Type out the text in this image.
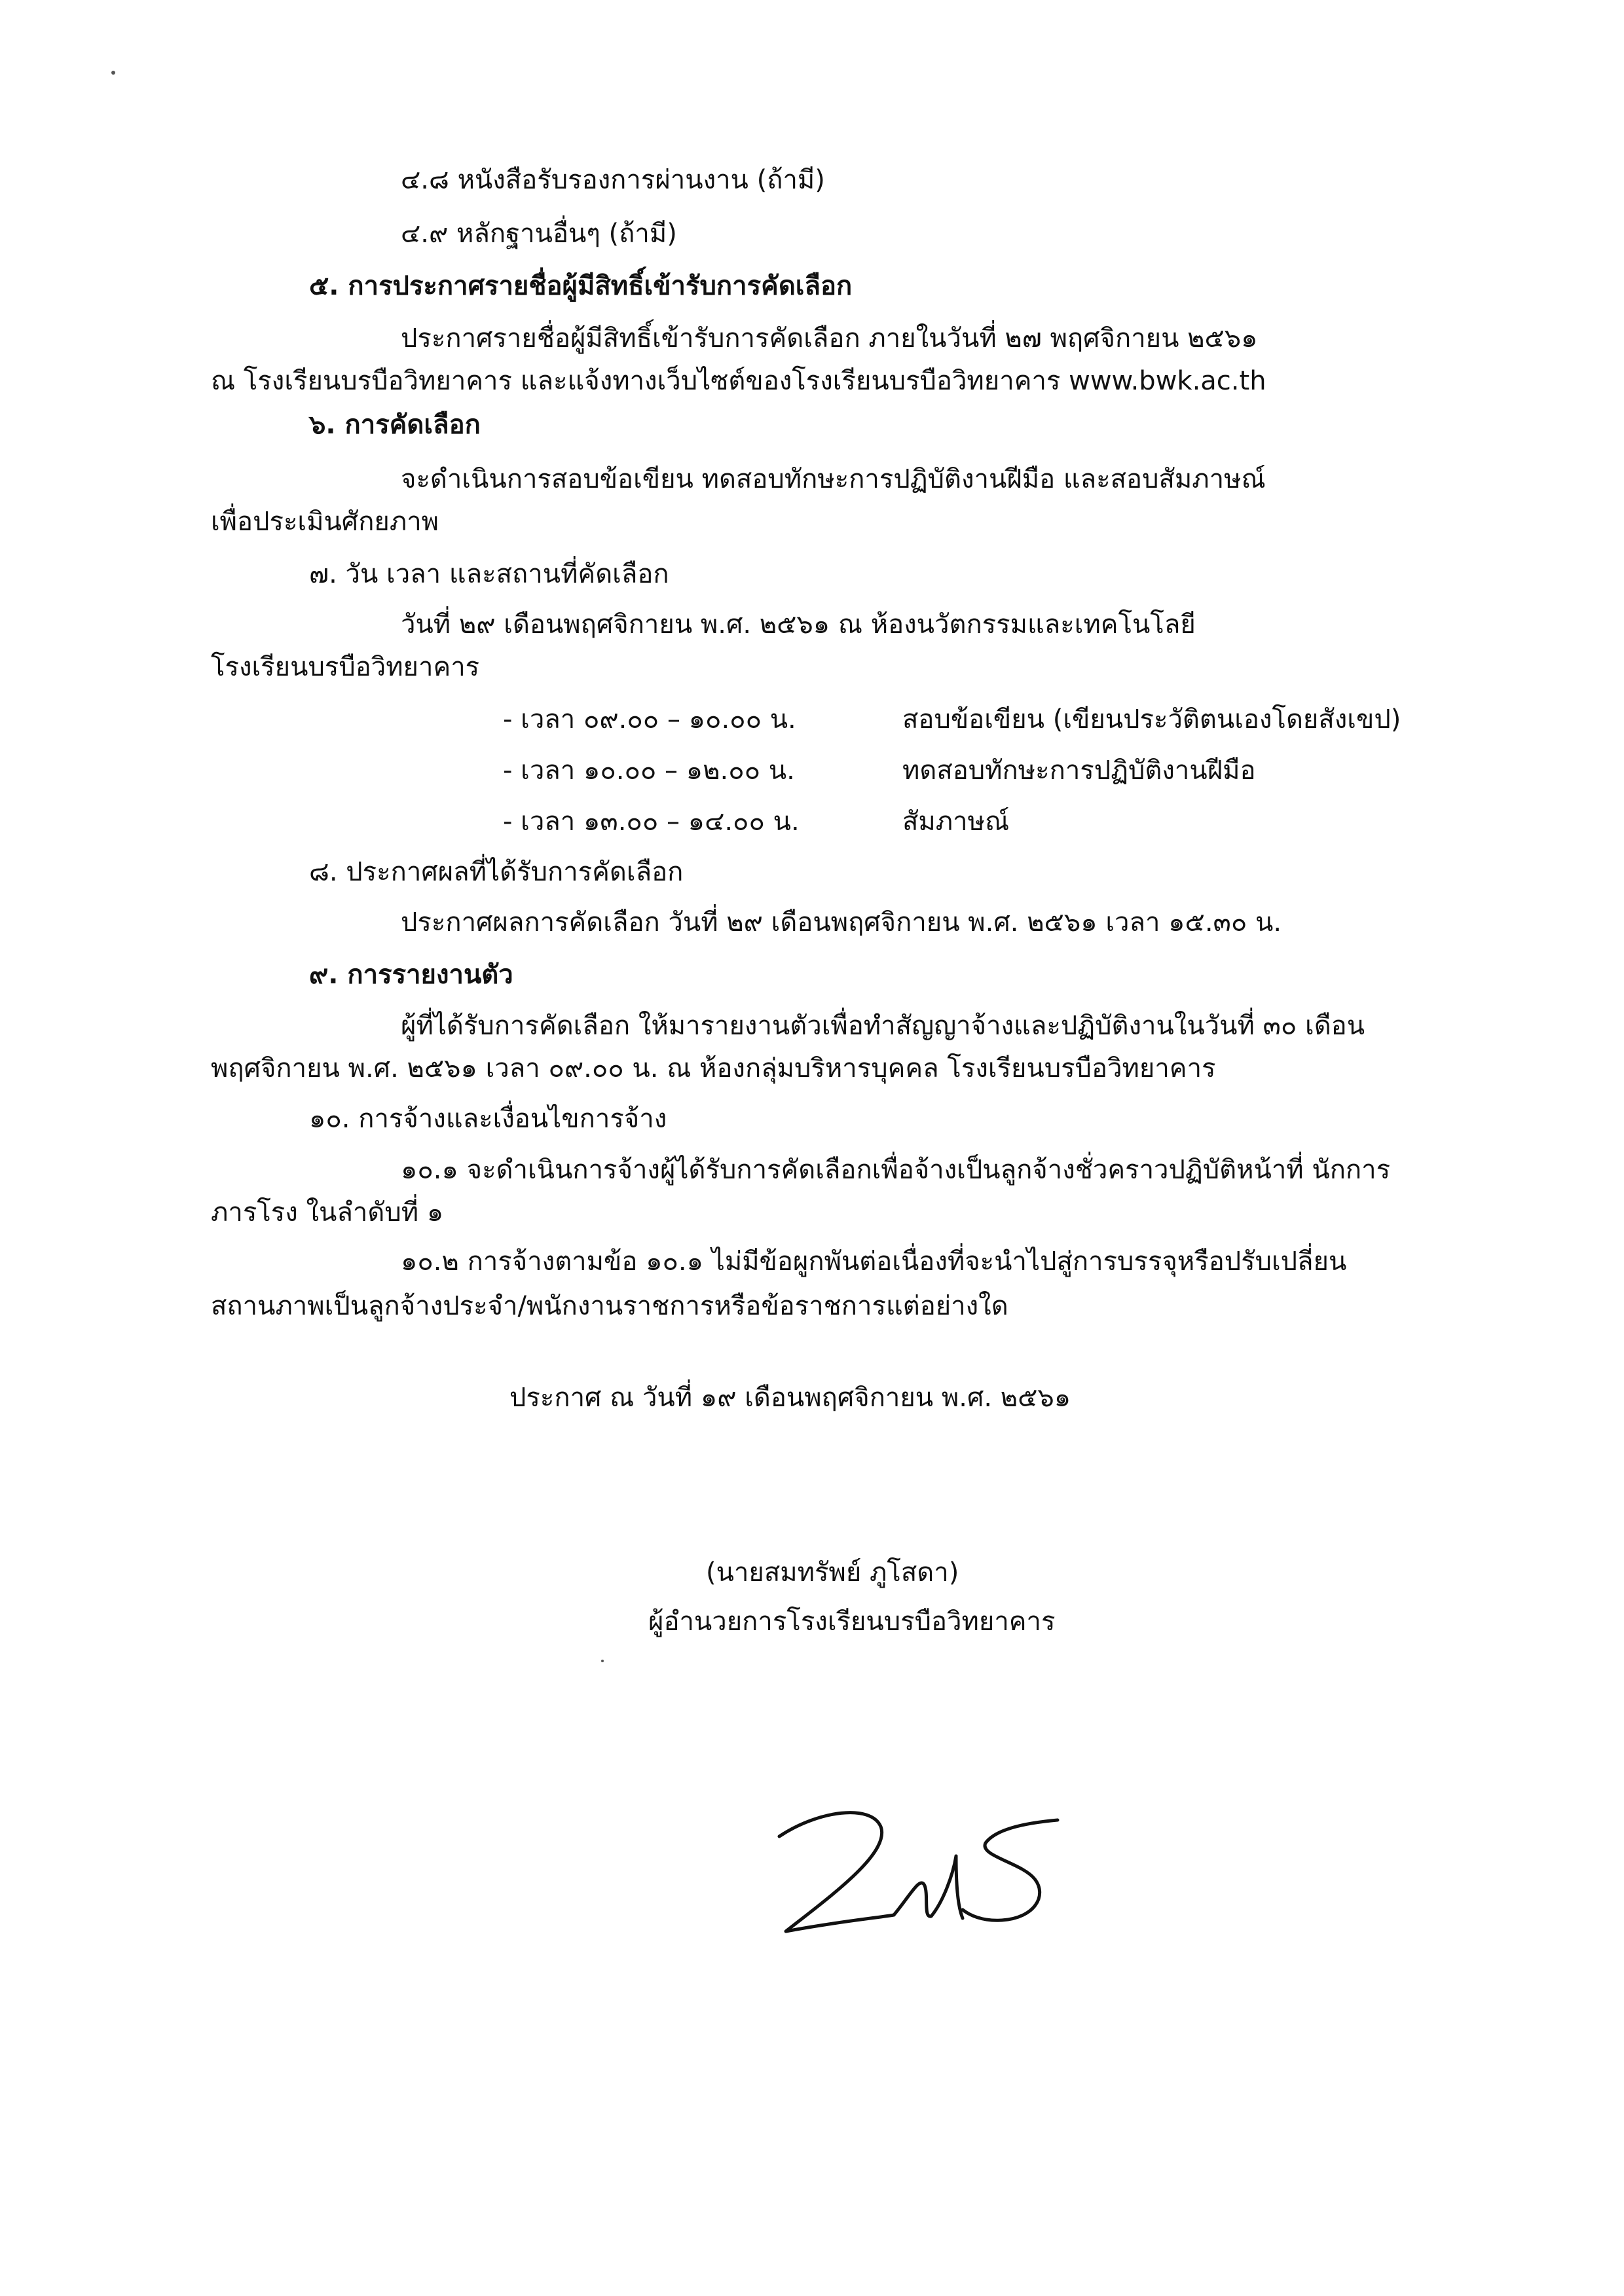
๔.๘ หนังสือรับรองการผ่านงาน (ถ้ามี)
๔.๙ หลักฐานอื่นๆ (ถ้ามี)
๕. การประกาศรายชื่อผู้มีสิทธิ์เข้ารับการคัดเลือก
ประกาศรายชื่อผู้มีสิทธิ์เข้ารับการคัดเลือก ภายในวันที่ ๒๗ พฤศจิกายน ๒๕๖๑
ณ โรงเรียนบรบือวิทยาคาร และแจ้งทางเว็บไซต์ของโรงเรียนบรบือวิทยาคาร www.bwk.ac.th
๖. การคัดเลือก
จะดำเนินการสอบข้อเขียน ทดสอบทักษะการปฏิบัติงานฝีมือ และสอบสัมภาษณ์
เพื่อประเมินศักยภาพ
๗. วัน เวลา และสถานที่คัดเลือก
วันที่ ๒๙ เดือนพฤศจิกายน พ.ศ. ๒๕๖๑ ณ ห้องนวัตกรรมและเทคโนโลยี
โรงเรียนบรบือวิทยาคาร
- เวลา ๐๙.๐๐ – ๑๐.๐๐ น.	สอบข้อเขียน (เขียนประวัติตนเองโดยสังเขป)
- เวลา ๑๐.๐๐ – ๑๒.๐๐ น.	ทดสอบทักษะการปฏิบัติงานฝีมือ
- เวลา ๑๓.๐๐ – ๑๔.๐๐ น.	สัมภาษณ์
๘. ประกาศผลที่ได้รับการคัดเลือก
ประกาศผลการคัดเลือก วันที่ ๒๙ เดือนพฤศจิกายน พ.ศ. ๒๕๖๑ เวลา ๑๕.๓๐ น.
๙. การรายงานตัว
ผู้ที่ได้รับการคัดเลือก ให้มารายงานตัวเพื่อทำสัญญาจ้างและปฏิบัติงานในวันที่ ๓๐ เดือน
พฤศจิกายน พ.ศ. ๒๕๖๑ เวลา ๐๙.๐๐ น. ณ ห้องกลุ่มบริหารบุคคล โรงเรียนบรบือวิทยาคาร
๑๐. การจ้างและเงื่อนไขการจ้าง
๑๐.๑ จะดำเนินการจ้างผู้ได้รับการคัดเลือกเพื่อจ้างเป็นลูกจ้างชั่วคราวปฏิบัติหน้าที่ นักการ
ภารโรง ในลำดับที่ ๑
๑๐.๒ การจ้างตามข้อ ๑๐.๑ ไม่มีข้อผูกพันต่อเนื่องที่จะนำไปสู่การบรรจุหรือปรับเปลี่ยน
สถานภาพเป็นลูกจ้างประจำ/พนักงานราชการหรือข้อราชการแต่อย่างใด
ประกาศ ณ วันที่ ๑๙ เดือนพฤศจิกายน พ.ศ. ๒๕๖๑
(นายสมทรัพย์ ภูโสดา)
ผู้อำนวยการโรงเรียนบรบือวิทยาคาร
